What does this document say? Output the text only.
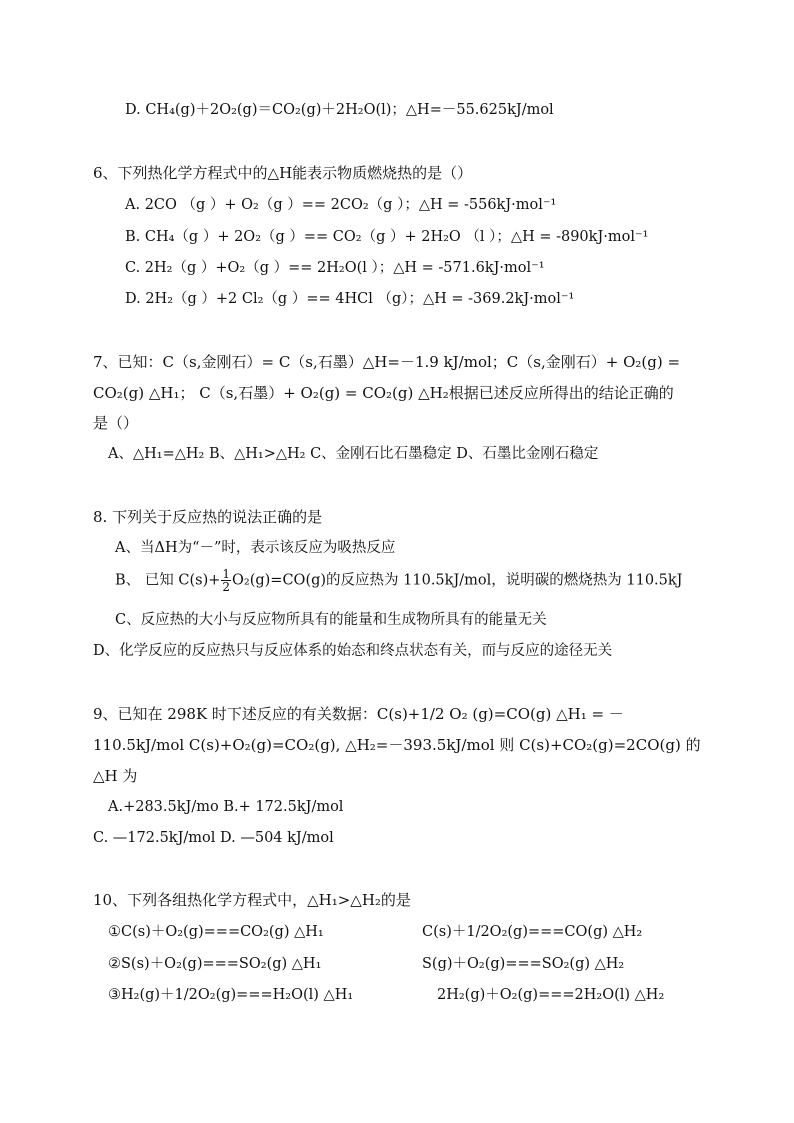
D. CH₄(g)＋2O₂(g)＝CO₂(g)＋2H₂O(l)；△H=－55.625kJ/mol
6、下列热化学方程式中的△H能表示物质燃烧热的是（）
A. 2CO （g ）+ O₂（g ）== 2CO₂（g ）；△H = -556kJ·mol⁻¹
B. CH₄（g ）+ 2O₂（g ）== CO₂（g ）+ 2H₂O （l ）；△H = -890kJ·mol⁻¹
C. 2H₂（g ）+O₂（g ）== 2H₂O(l ）；△H = -571.6kJ·mol⁻¹
D. 2H₂（g ）+2 Cl₂（g ）== 4HCl （g）；△H = -369.2kJ·mol⁻¹
7、已知：C（s,金刚石）= C（s,石墨）△H=－1.9 kJ/mol；C（s,金刚石）+ O₂(g) =
CO₂(g) △H₁； C（s,石墨）+ O₂(g) = CO₂(g) △H₂根据已述反应所得出的结论正确的
是（）
A、△H₁=△H₂ B、△H₁>△H₂ C、金刚石比石墨稳定 D、石墨比金刚石稳定
8. 下列关于反应热的说法正确的是
A、当ΔH为“－”时，表示该反应为吸热反应
B、 已知 $C(s)+ \frac{1}{2} O_2(g)=CO(g)$的反应热为 110.5kJ/mol，说明碳的燃烧热为 110.5kJ
C、反应热的大小与反应物所具有的能量和生成物所具有的能量无关
D、化学反应的反应热只与反应体系的始态和终点状态有关，而与反应的途径无关
9、已知在 298K 时下述反应的有关数据：C(s)+1/2 O₂ (g)=CO(g) △H₁ = －
110.5kJ/mol C(s)+O₂(g)=CO₂(g), △H₂=－393.5kJ/mol 则 C(s)+CO₂(g)=2CO(g) 的
△H 为
A.+283.5kJ/mo B.+ 172.5kJ/mol
C. —172.5kJ/mol D. —504 kJ/mol
10、下列各组热化学方程式中，△H₁>△H₂的是
①C(s)＋O₂(g)===CO₂(g) △H₁	C(s)＋1/2O₂(g)===CO(g) △H₂
②S(s)＋O₂(g)===SO₂(g) △H₁	S(g)＋O₂(g)===SO₂(g) △H₂
③H₂(g)＋1/2O₂(g)===H₂O(l) △H₁	2H₂(g)＋O₂(g)===2H₂O(l) △H₂
